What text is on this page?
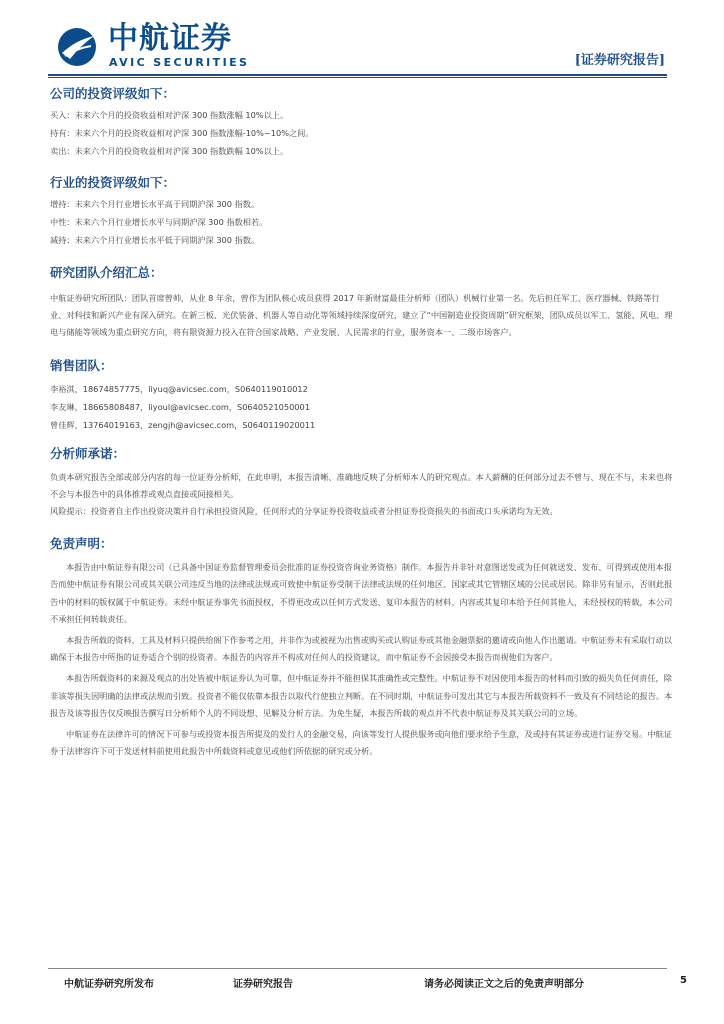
中航证券
AVIC SECURITIES	[证券研究报告]
公司的投资评级如下：
买入：未来六个月的投资收益相对沪深 300 指数涨幅 10%以上。
持有：未来六个月的投资收益相对沪深 300 指数涨幅-10%~10%之间。
卖出：未来六个月的投资收益相对沪深 300 指数跌幅 10%以上。
行业的投资评级如下：
增持：未来六个月行业增长水平高于同期沪深 300 指数。
中性：未来六个月行业增长水平与同期沪深 300 指数相若。
减持：未来六个月行业增长水平低于同期沪深 300 指数。
研究团队介绍汇总：
中航证券研究所团队：团队首席曾帅，从业 8 年余，曾作为团队核心成员获得 2017 年新财富最佳分析师（团队）机械行业第一名。先后担任军工、医疗器械、铁路等行业、对科技和新兴产业有深入研究。在新三板、光伏装备、机器人等自动化等领域持续深度研究，建立了“中国制造业投资周期”研究框架，团队成员以军工、氢能、风电、理电与储能等领域为重点研究方向，将有限资源力投入在符合国家战略、产业发展、人民需求的行业，服务资本一、二级市场客户。
销售团队：
李裕淇，18674857775，liyuq@avicsec.com，S0640119010012
李友琳，18665808487，liyoul@avicsec.com，S0640521050001
曾佳辉，13764019163，zengjh@avicsec.com，S0640119020011
分析师承诺：
负责本研究报告全部或部分内容的每一位证券分析师，在此申明，本报告清晰、准确地反映了分析师本人的研究观点。本人薪酬的任何部分过去不曾与、现在不与，未来也将不会与本报告中的具体推荐或观点直接或间接相关。
风险提示：投资者自主作出投资决策并自行承担投资风险，任何形式的分享证券投资收益或者分担证券投资损失的书面或口头承诺均为无效。
免责声明：
本报告由中航证券有限公司（已具备中国证券监督管理委员会批准的证券投资咨询业务资格）制作。本报告并非针对意图送发或为任何就送发、发布、可得到或使用本报告而使中航证券有限公司或其关联公司违反当地的法律或法规或可致使中航证券受制于法律或法规的任何地区、国家或其它管辖区域的公民或居民。除非另有显示，否则此报告中的材料的版权属于中航证券。未经中航证券事先书面授权，不得更改或以任何方式发送、复印本报告的材料、内容或其复印本给予任何其他人，未经授权的转载，本公司不承担任何转载责任。
本报告所载的资料、工具及材料只提供给阁下作参考之用，并非作为或被视为出售或购买或认购证券或其他金融票据的邀请或向他人作出邀请。中航证券未有采取行动以确保于本报告中所指的证券适合个别的投资者。本报告的内容并不构成对任何人的投资建议，而中航证券不会因接受本报告而视他们为客户。
本报告所载资料的来源及观点的出处皆被中航证券认为可靠，但中航证券并不能担保其准确性或完整性。中航证券不对因使用本报告的材料而引致的损失负任何责任，除非该等损失因明确的法律或法规而引致。投资者不能仅依靠本报告以取代行使独立判断。在不同时期，中航证券可发出其它与本报告所载资料不一致及有不同结论的报告。本报告及该等报告仅反映报告撰写日分析师个人的不同设想、见解及分析方法。为免生疑，本报告所载的观点并不代表中航证券及其关联公司的立场。
中航证券在法律许可的情况下可参与或投资本报告所提及的发行人的金融交易，向该等发行人提供服务或向他们要求给予生意，及或持有其证券或进行证券交易。中航证券于法律容许下可于发送材料前使用此报告中所载资料或意见或他们所依据的研究或分析。
中航证券研究所发布	证券研究报告	请务必阅读正文之后的免责声明部分	5
